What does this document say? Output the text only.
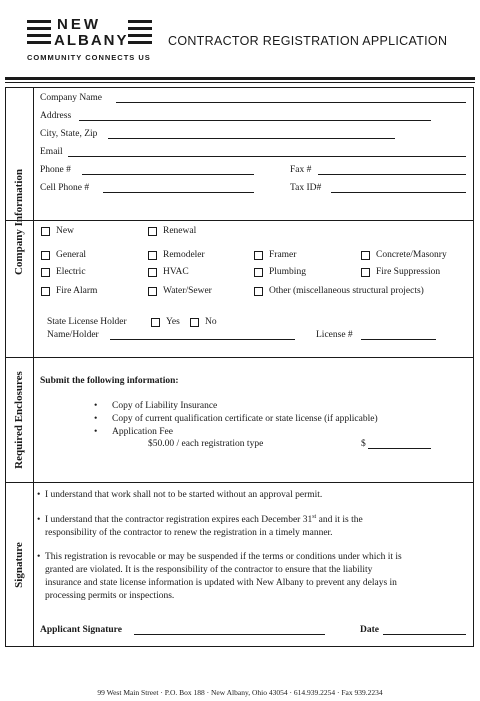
NEW
ALBANY
COMMUNITY CONNECTS US
CONTRACTOR REGISTRATION APPLICATION
Company Information
Required Enclosures
Signature
Company Name
Address
City, State, Zip
Email
Phone #	Fax #
Cell Phone #	Tax ID#
New	Renewal
General	Remodeler	Framer	Concrete/Masonry
Electric	HVAC	Plumbing	Fire Suppression
Fire Alarm	Water/Sewer	Other (miscellaneous structural projects)
State License Holder	Yes	No
Name/Holder	License #
Submit the following information:
• Copy of Liability Insurance
• Copy of current qualification certificate or state license (if applicable)
• Application Fee
$50.00 / each registration type	$
• I understand that work shall not to be started without an approval permit.
• I understand that the contractor registration expires each December 31st and it is the
responsibility of the contractor to renew the registration in a timely manner.
• This registration is revocable or may be suspended if the terms or conditions under which it is
granted are violated. It is the responsibility of the contractor to ensure that the liability
insurance and state license information is updated with New Albany to prevent any delays in
processing permits or inspections.
Applicant Signature	Date
99 West Main Street · P.O. Box 188 · New Albany, Ohio 43054 · 614.939.2254 · Fax 939.2234
